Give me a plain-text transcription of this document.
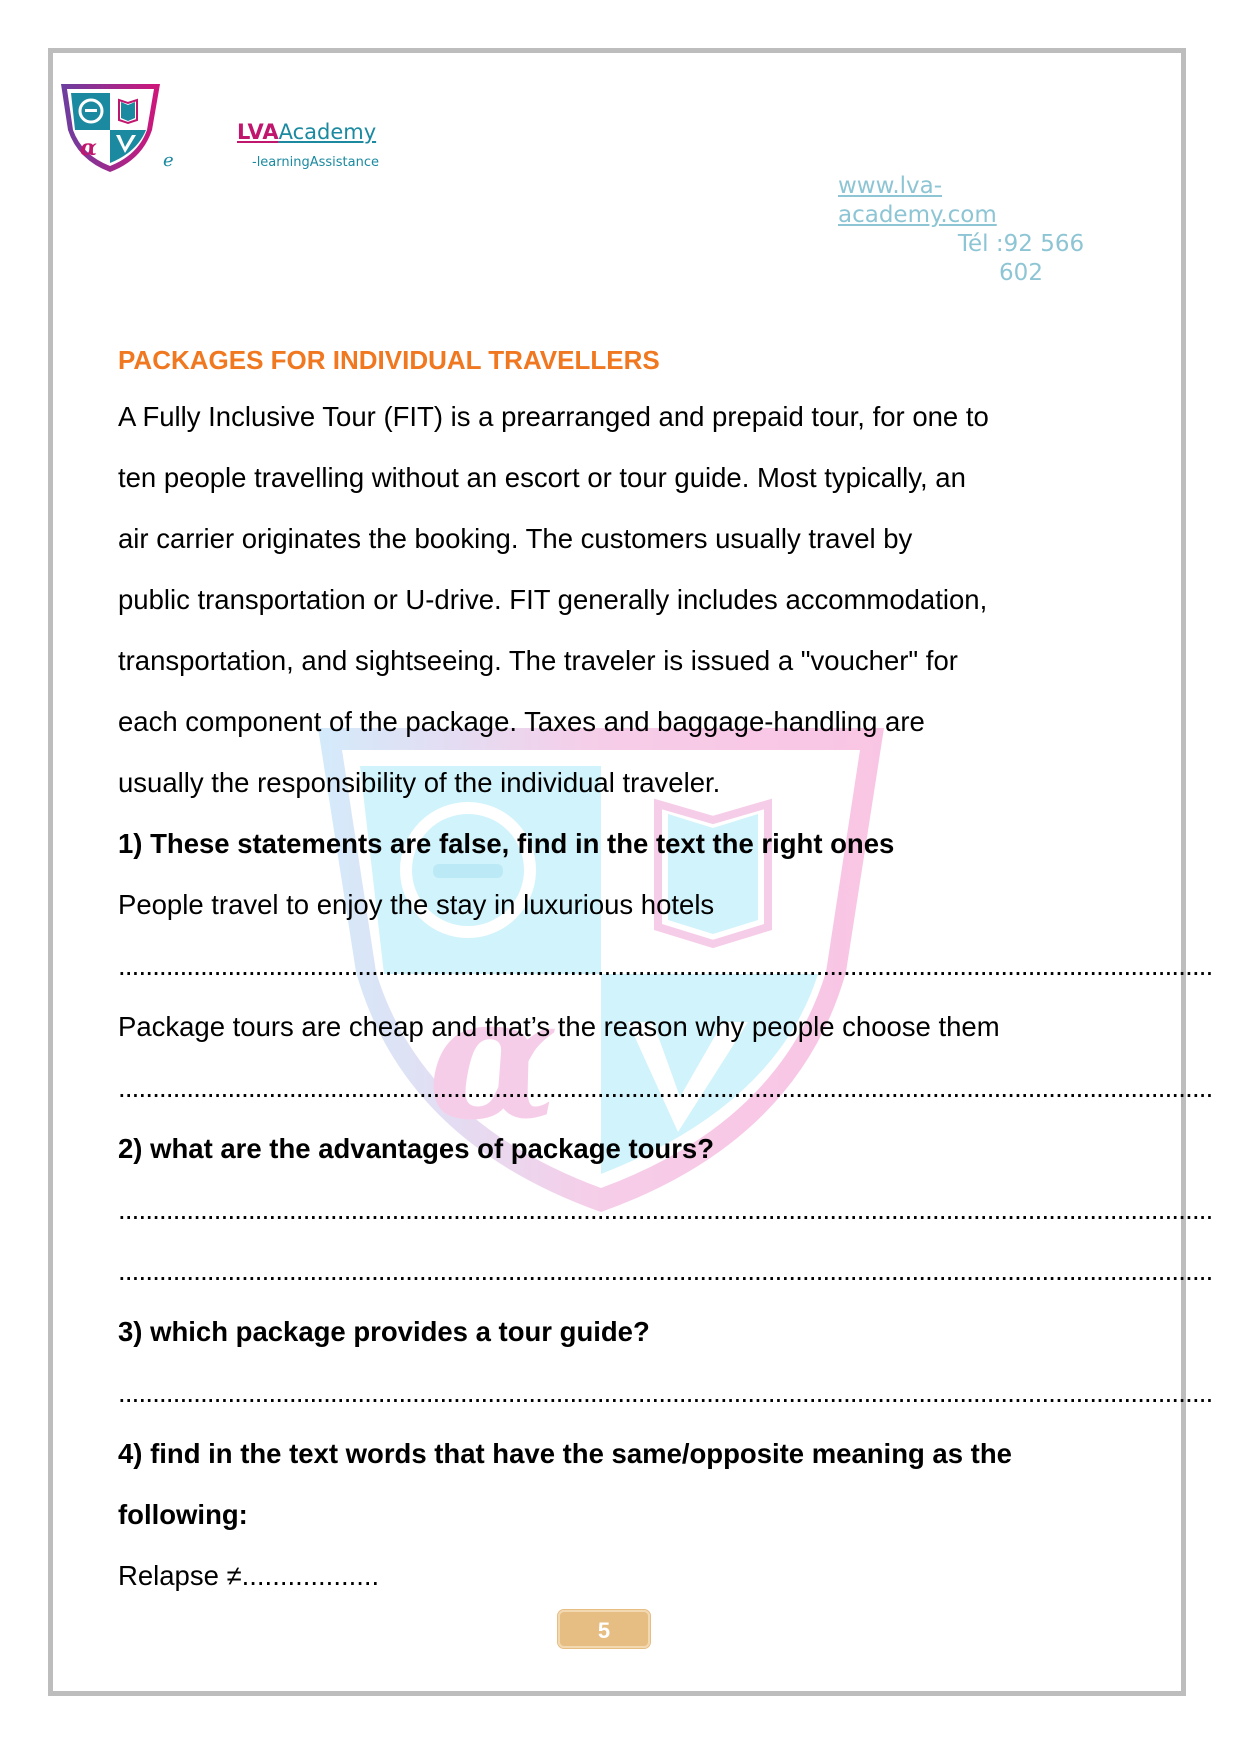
α	e
LVAAcademy
-learningAssistance
www.lva-
academy.com
Tél :92 566
602
α
PACKAGES FOR INDIVIDUAL TRAVELLERS
A Fully Inclusive Tour (FIT) is a prearranged and prepaid tour, for one to
ten people travelling without an escort or tour guide. Most typically, an
air carrier originates the booking. The customers usually travel by
public transportation or U-drive. FIT generally includes accommodation,
transportation, and sightseeing. The traveler is issued a "voucher" for
each component of the package. Taxes and baggage-handling are
usually the responsibility of the individual traveler.
1) These statements are false, find in the text the right ones
People travel to enjoy the stay in luxurious hotels
................................................................................................................................................................
Package tours are cheap and that’s the reason why people choose them
................................................................................................................................................................
2) what are the advantages of package tours?
................................................................................................................................................................
................................................................................................................................................................
3) which package provides a tour guide?
................................................................................................................................................................
4) find in the text words that have the same/opposite meaning as the
following:
Relapse ≠..................
5
